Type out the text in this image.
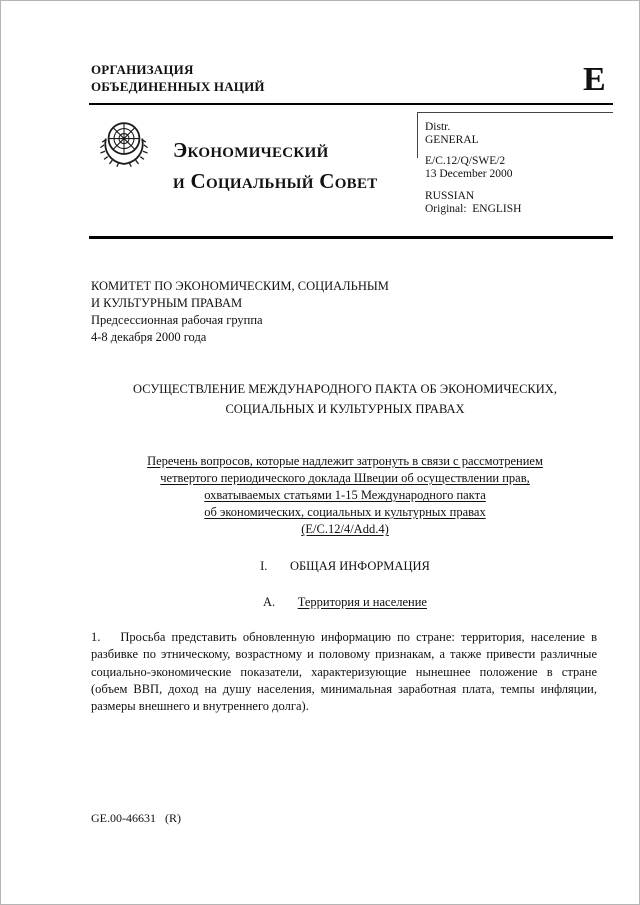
ОРГАНИЗАЦИЯ
ОБЪЕДИНЕННЫХ НАЦИЙ	E
Экономический
и Социальный Совет
Distr.
GENERAL
E/C.12/Q/SWE/2
13 December 2000
RUSSIAN
Original:  ENGLISH
КОМИТЕТ ПО ЭКОНОМИЧЕСКИМ, СОЦИАЛЬНЫМ
И КУЛЬТУРНЫМ ПРАВАМ
Предсессионная рабочая группа
4-8 декабря 2000 года
ОСУЩЕСТВЛЕНИЕ МЕЖДУНАРОДНОГО ПАКТА ОБ ЭКОНОМИЧЕСКИХ,
СОЦИАЛЬНЫХ И КУЛЬТУРНЫХ ПРАВАХ
Перечень вопросов, которые надлежит затронуть в связи с рассмотрением
четвертого периодического доклада Швеции об осуществлении прав,
охватываемых статьями 1-15 Международного пакта
об экономических, социальных и культурных правах
(E/C.12/4/Add.4)
I. ОБЩАЯ ИНФОРМАЦИЯ
A. Территория и население
1. Просьба представить обновленную информацию по стране: территория, население в разбивке по этническому, возрастному и половому признакам, а также привести различные социально-экономические показатели, характеризующие нынешнее положение в стране (объем ВВП, доход на душу населения, минимальная заработная плата, темпы инфляции, размеры внешнего и внутреннего долга).
GE.00-46631   (R)
